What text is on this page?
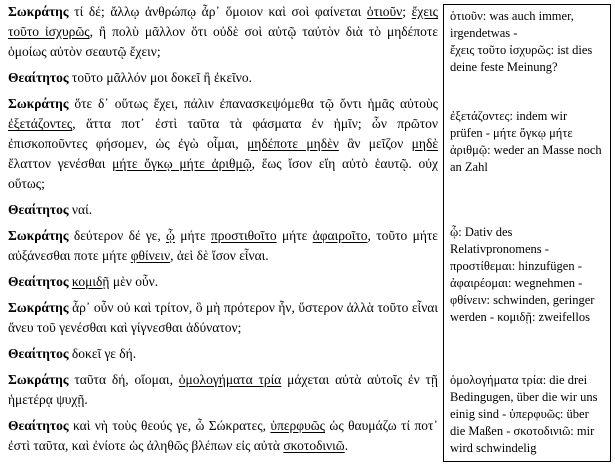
Σωκράτης τί δέ; ἄλλῳ ἀνθρώπῳ ἆρ᾽ ὅμοιον καὶ σοὶ φαίνεται ὁτιοῦν; ἔχεις τοῦτο ἰσχυρῶς, ἢ πολὺ μᾶλλον ὅτι οὐδὲ σοὶ αὐτῷ ταὐτὸν διὰ τὸ μηδέποτε ὁμοίως αὐτὸν σεαυτῷ ἔχειν;

Θεαίτητος τοῦτο μᾶλλόν μοι δοκεῖ ἢ ἐκεῖνο.

Σωκράτης ὅτε δ᾽ οὕτως ἔχει, πάλιν ἐπανασκεψόμεθα τῷ ὄντι ἡμᾶς αὐτοὺς ἐξετάζοντες, ἅττα ποτ᾽ ἐστὶ ταῦτα τὰ φάσματα ἐν ἡμῖν; ὧν πρῶτον ἐπισκοποῦντες φήσομεν, ὡς ἐγὼ οἶμαι, μηδέποτε μηδὲν ἂν μεῖζον μηδὲ ἔλαττον γενέσθαι μήτε ὄγκῳ μήτε ἀριθμῷ, ἕως ἴσον εἴη αὐτὸ ἑαυτῷ. οὐχ οὕτως;

Θεαίτητος ναί.

Σωκράτης δεύτερον δέ γε, ᾧ μήτε προστιθοῖτο μήτε ἀφαιροῖτο, τοῦτο μήτε αὐξάνεσθαι ποτε μήτε φθίνειν, ἀεὶ δὲ ἴσον εἶναι.

Θεαίτητος κομιδῇ μὲν οὖν.

Σωκράτης ἆρ᾽ οὖν οὐ καὶ τρίτον, ὃ μὴ πρότερον ἦν, ὕστερον ἀλλὰ τοῦτο εἶναι ἄνευ τοῦ γενέσθαι καὶ γίγνεσθαι ἀδύνατον;

Θεαίτητος δοκεῖ γε δή.

Σωκράτης ταῦτα δή, οἴομαι, ὁμολογήματα τρία μάχεται αὐτὰ αὑτοῖς ἐν τῇ ἡμετέρᾳ ψυχῇ.

Θεαίτητος καὶ νὴ τοὺς θεούς γε, ὦ Σώκρατες, ὑπερφυῶς ὡς θαυμάζω τί ποτ᾽ ἐστὶ ταῦτα, καὶ ἐνίοτε ὡς ἀληθῶς βλέπων εἰς αὐτὰ σκοτοδινιῶ.

ὁτιοῦν: was auch immer,
irgendetwas -
ἔχεις τοῦτο ἰσχυρῶς: ist dies
deine feste Meinung?
ἐξετάζοντες: indem wir
prüfen - μήτε ὄγκῳ μήτε
ἀριθμῷ: weder an Masse noch
an Zahl
ᾧ: Dativ des
Relativpronomens -
προστίθεμαι: hinzufügen -
ἀφαιρέομαι: wegnehmen -
φθίνειν: schwinden, geringer
werden - κομιδῇ: zweifellos
ὁμολογήματα τρία: die drei
Bedingugen, über die wir uns
einig sind - ὑπερφυῶς: über
die Maßen - σκοτοδινιῶ: mir
wird schwindelig
